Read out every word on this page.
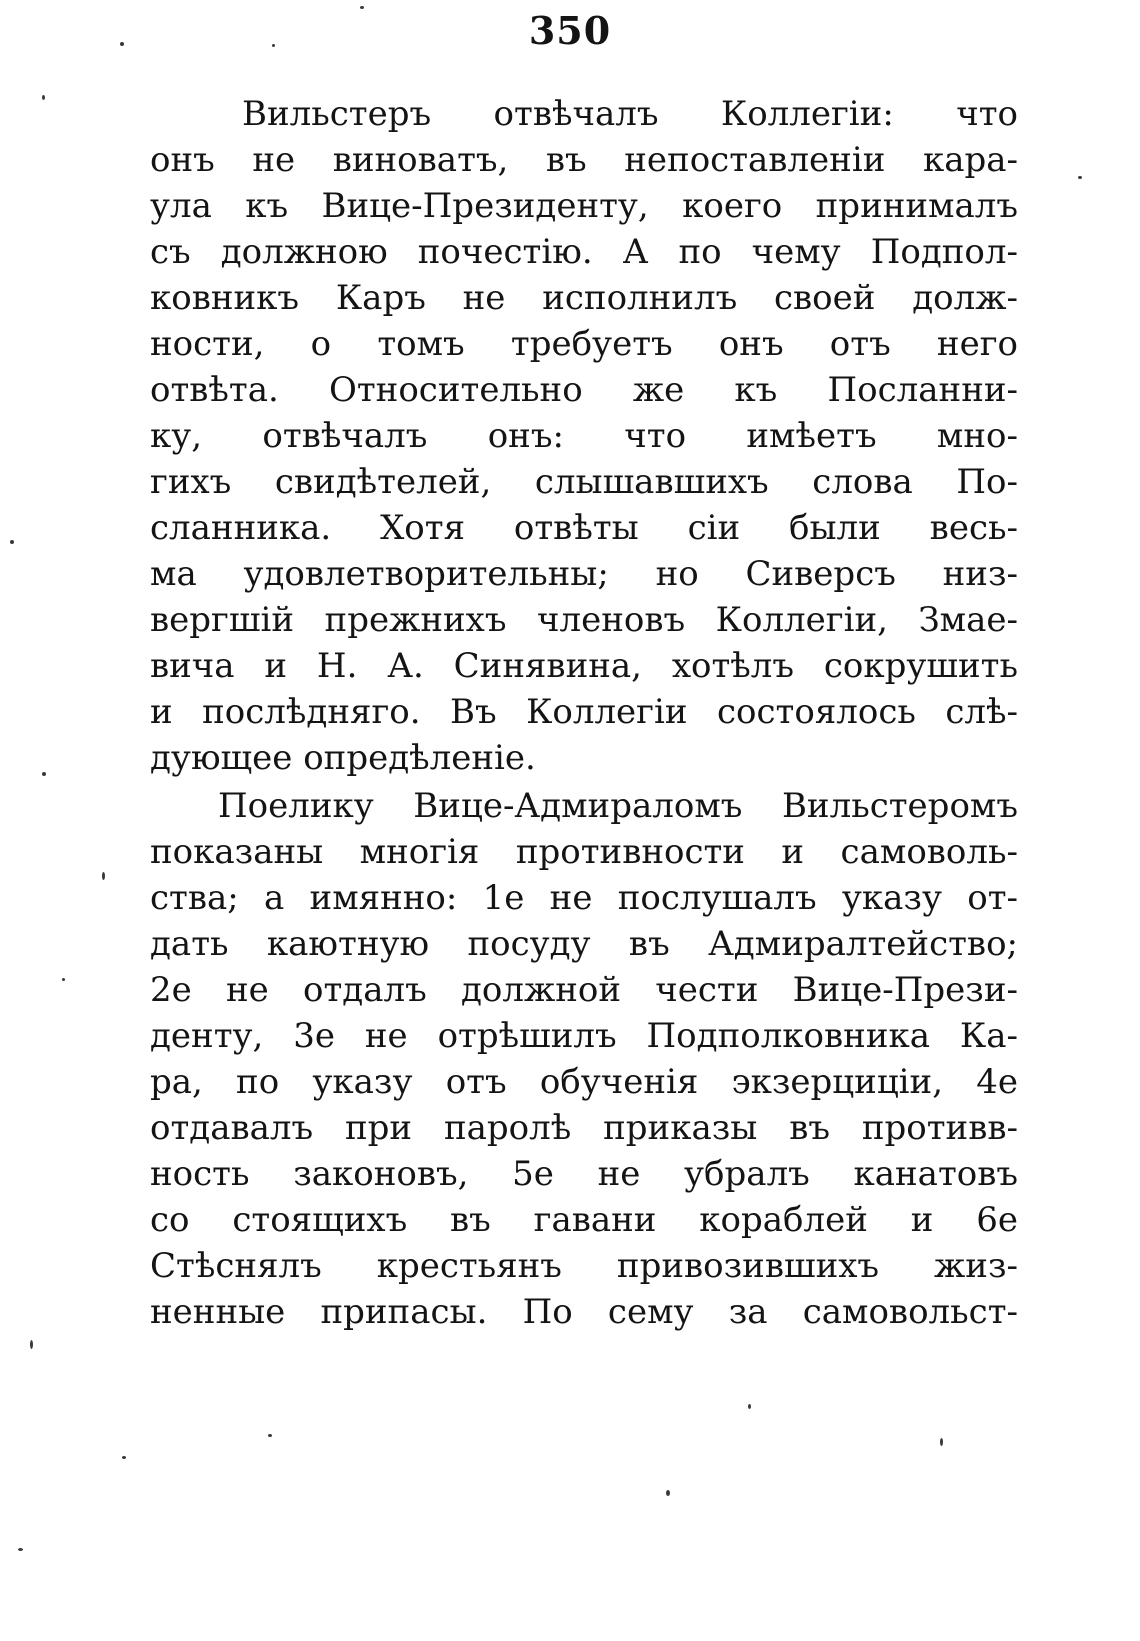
350
Вильстеръ отвѣчалъ Коллегіи: что
онъ не виноватъ, въ непоставленіи кара-
ула къ Вице-Президенту, коего принималъ
съ должною почестію. А по чему Подпол-
ковникъ Каръ не исполнилъ своей долж-
ности, о томъ требуетъ онъ отъ него
отвѣта. Относительно же къ Посланни-
ку, отвѣчалъ онъ: что имѣетъ мно-
гихъ свидѣтелей, слышавшихъ слова По-
сланника. Хотя отвѣты сіи были весь-
ма удовлетворительны; но Сиверсъ низ-
вергшій прежнихъ членовъ Коллегіи, Змае-
вича и Н. А. Синявина, хотѣлъ сокрушить
и послѣдняго. Въ Коллегіи состоялось слѣ-
дующее опредѣленіе.
Поелику Вице-Адмираломъ Вильстеромъ
показаны многія противности и самоволь-
ства; а имянно: 1е не послушалъ указу от-
дать каютную посуду въ Адмиралтейство;
2е не отдалъ должной чести Вице-Прези-
денту, 3е не отрѣшилъ Подполковника Ка-
ра, по указу отъ обученія экзерциціи, 4е
отдавалъ при паролѣ приказы въ противв-
ность законовъ, 5е не убралъ канатовъ
со стоящихъ въ гавани кораблей и 6е
Стѣснялъ крестьянъ привозившихъ жиз-
ненные припасы. По сему за самовольст-
